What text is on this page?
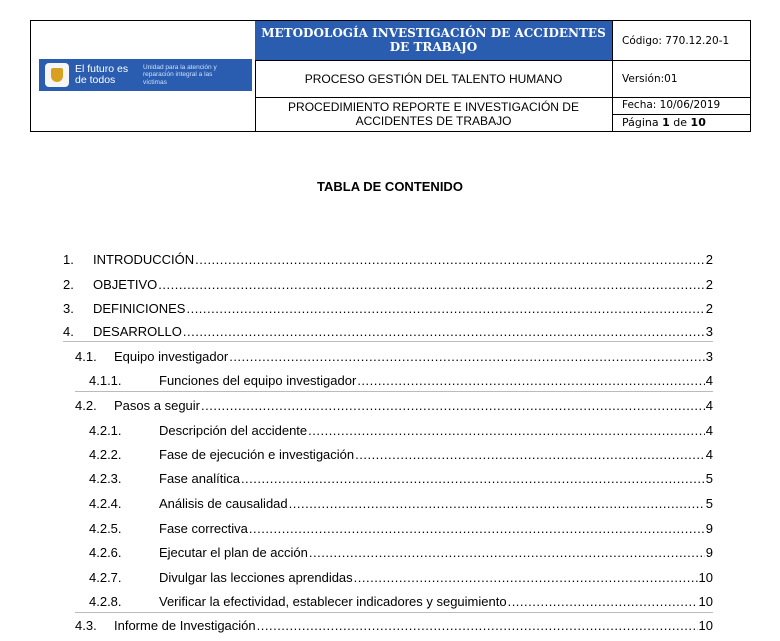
El futuro es de todos
Unidad para la atención y reparación integral a las víctimas
METODOLOGÍA INVESTIGACIÓN DE ACCIDENTES DE TRABAJO
PROCESO GESTIÓN DEL TALENTO HUMANO
PROCEDIMIENTO REPORTE E INVESTIGACIÓN DE ACCIDENTES DE TRABAJO
Código: 770.12.20-1
Versión:01
Fecha: 10/06/2019
Página 1 de 10
TABLA DE CONTENIDO
1.	INTRODUCCIÓN .....	2
2.	OBJETIVO .....	2
3.	DEFINICIONES .....	2
4.	DESARROLLO .....	3
4.1.	Equipo investigador .....	3
4.1.1.	Funciones del equipo investigador .....	4
4.2.	Pasos a seguir .....	4
4.2.1.	Descripción del accidente .....	4
4.2.2.	Fase de ejecución e investigación .....	4
4.2.3.	Fase analítica .....	5
4.2.4.	Análisis de causalidad .....	5
4.2.5.	Fase correctiva .....	9
4.2.6.	Ejecutar el plan de acción .....	9
4.2.7.	Divulgar las lecciones aprendidas .....	10
4.2.8.	Verificar la efectividad, establecer indicadores y seguimiento .....	10
4.3.	Informe de Investigación .....	10
